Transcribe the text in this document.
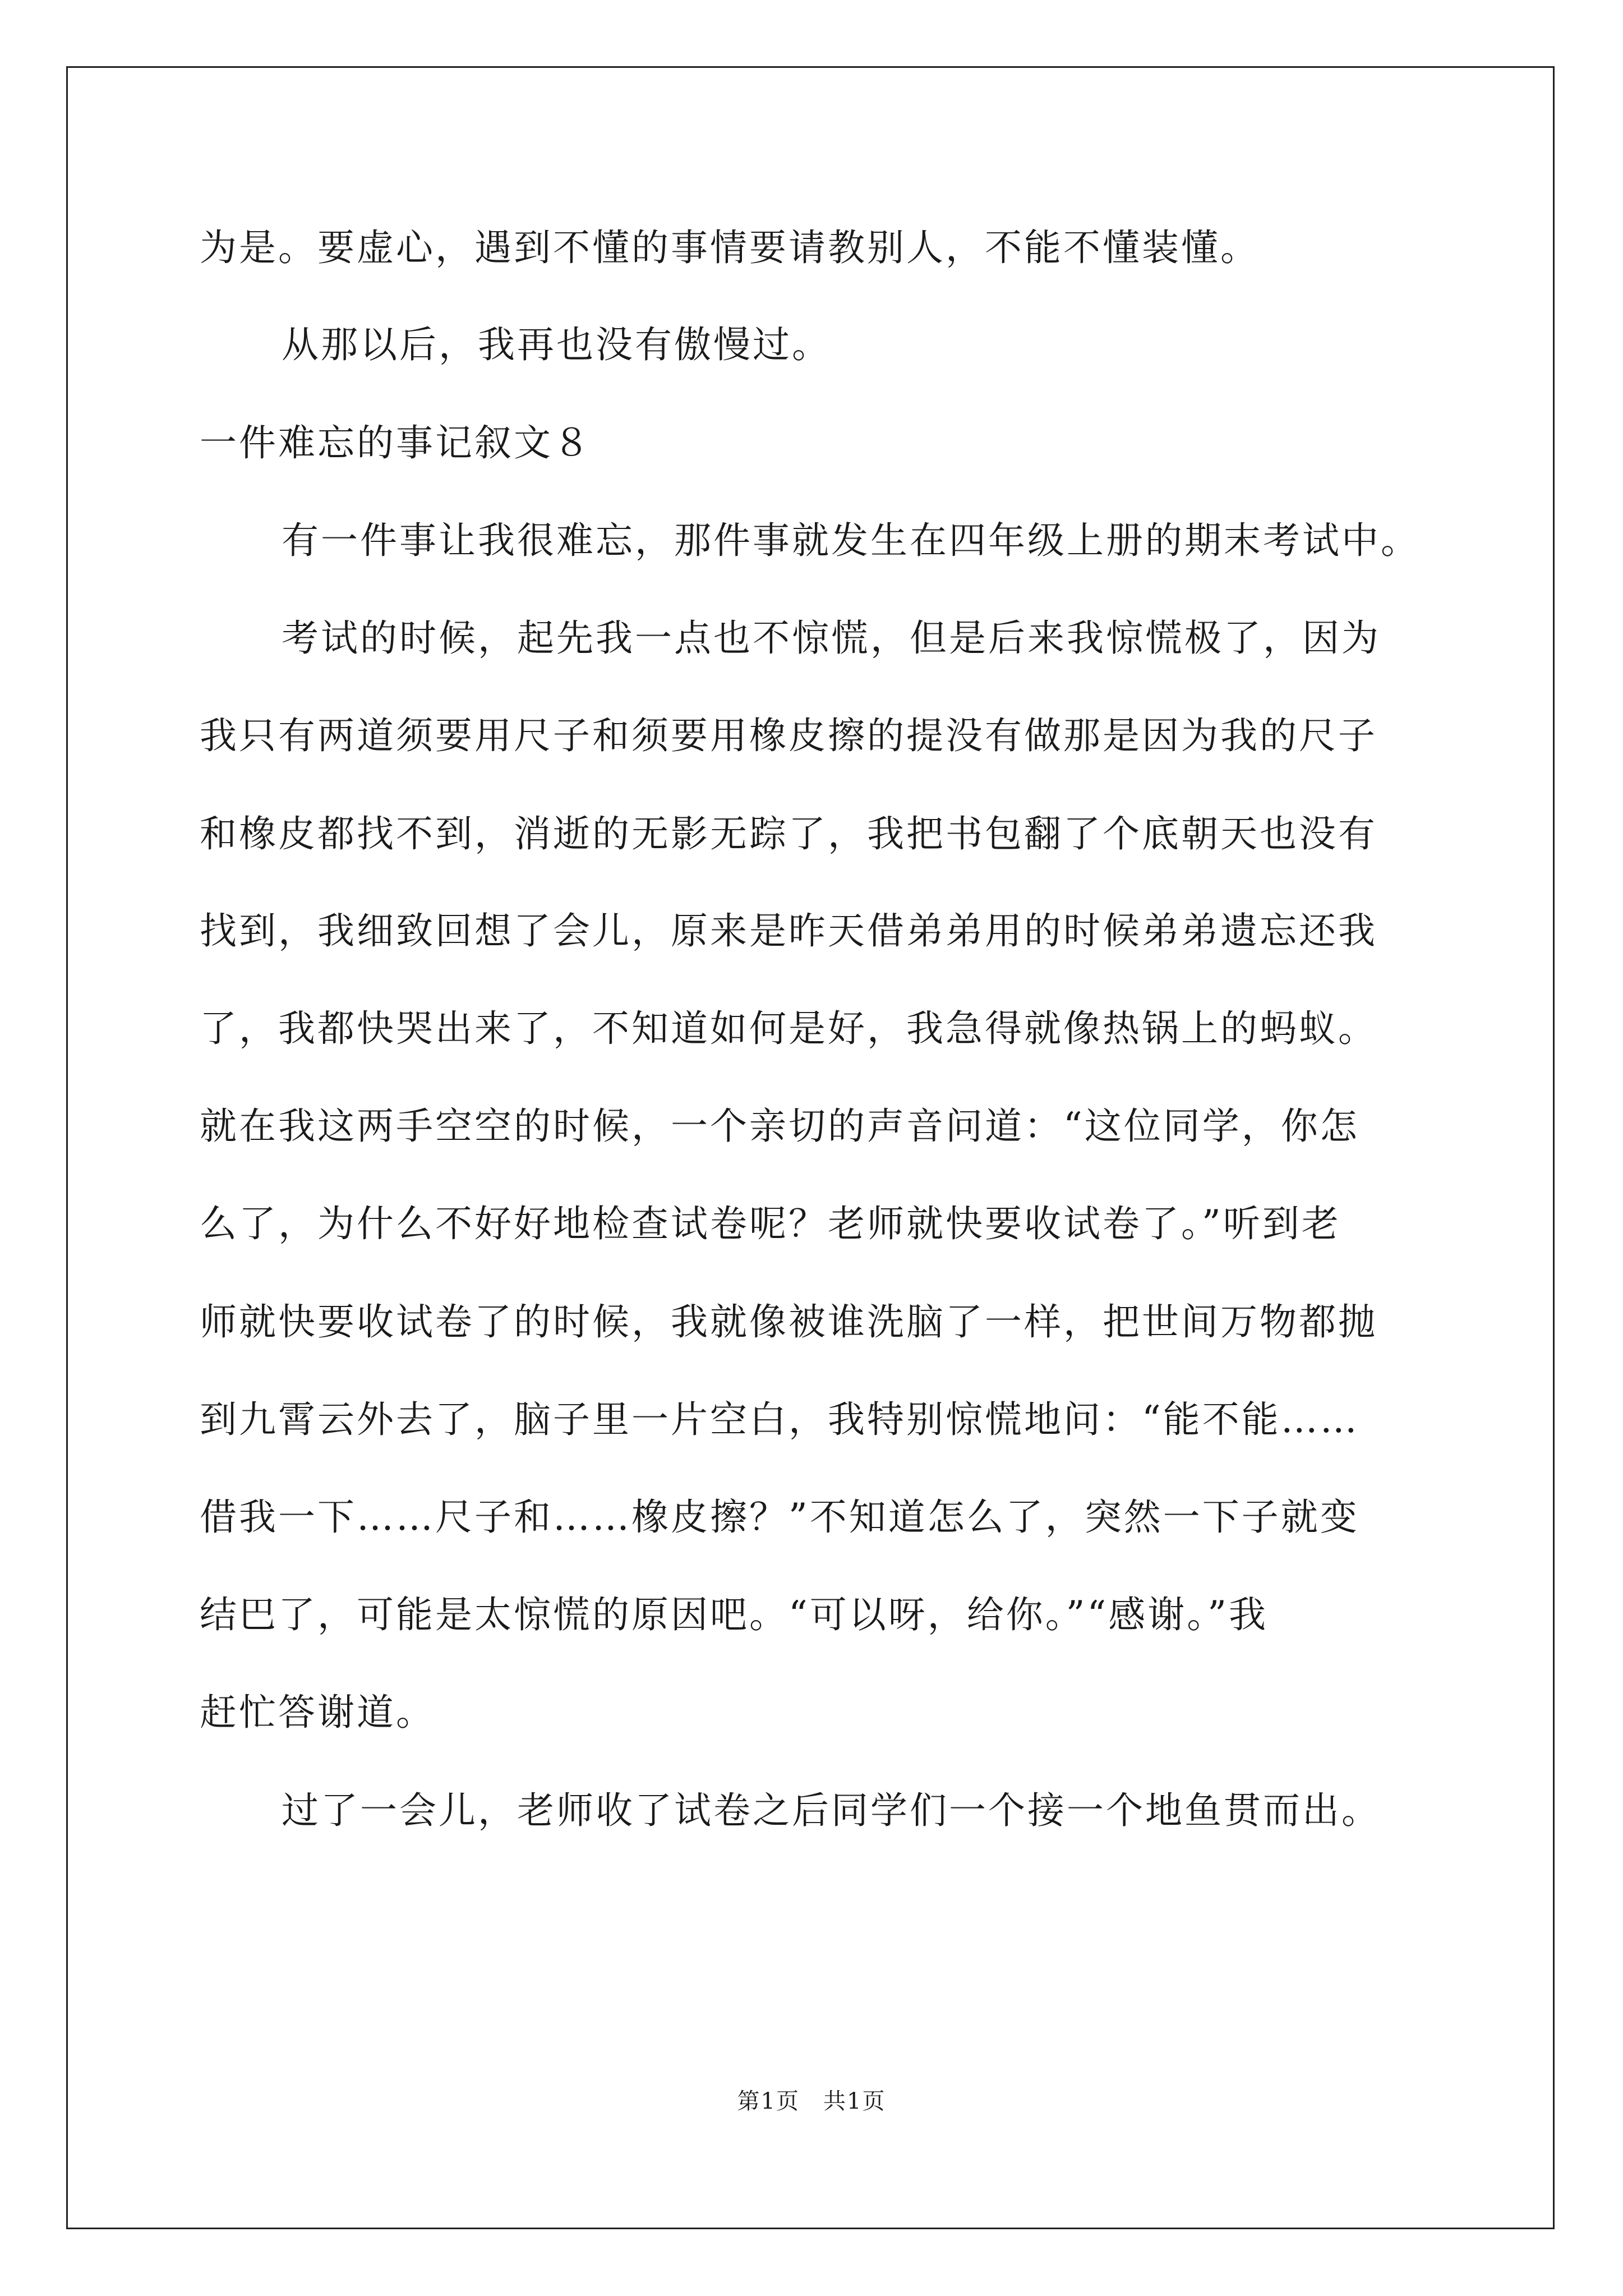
为是。要虚心，遇到不懂的事情要请教别人，不能不懂装懂。
从那以后，我再也没有傲慢过。
一件难忘的事记叙文８
有一件事让我很难忘，那件事就发生在四年级上册的期末考试中。
考试的时候，起先我一点也不惊慌，但是后来我惊慌极了，因为
我只有两道须要用尺子和须要用橡皮擦的提没有做那是因为我的尺子
和橡皮都找不到，消逝的无影无踪了，我把书包翻了个底朝天也没有
找到，我细致回想了会儿，原来是昨天借弟弟用的时候弟弟遗忘还我
了，我都快哭出来了，不知道如何是好，我急得就像热锅上的蚂蚁。
就在我这两手空空的时候，一个亲切的声音问道：“这位同学，你怎
么了，为什么不好好地检查试卷呢？老师就快要收试卷了。”听到老
师就快要收试卷了的时候，我就像被谁洗脑了一样，把世间万物都抛
到九霄云外去了，脑子里一片空白，我特别惊慌地问：“能不能……
借我一下……尺子和……橡皮擦？”不知道怎么了，突然一下子就变
结巴了，可能是太惊慌的原因吧。“可以呀，给你。”“感谢。”我
赶忙答谢道。
过了一会儿，老师收了试卷之后同学们一个接一个地鱼贯而出。
第1页　共1页
